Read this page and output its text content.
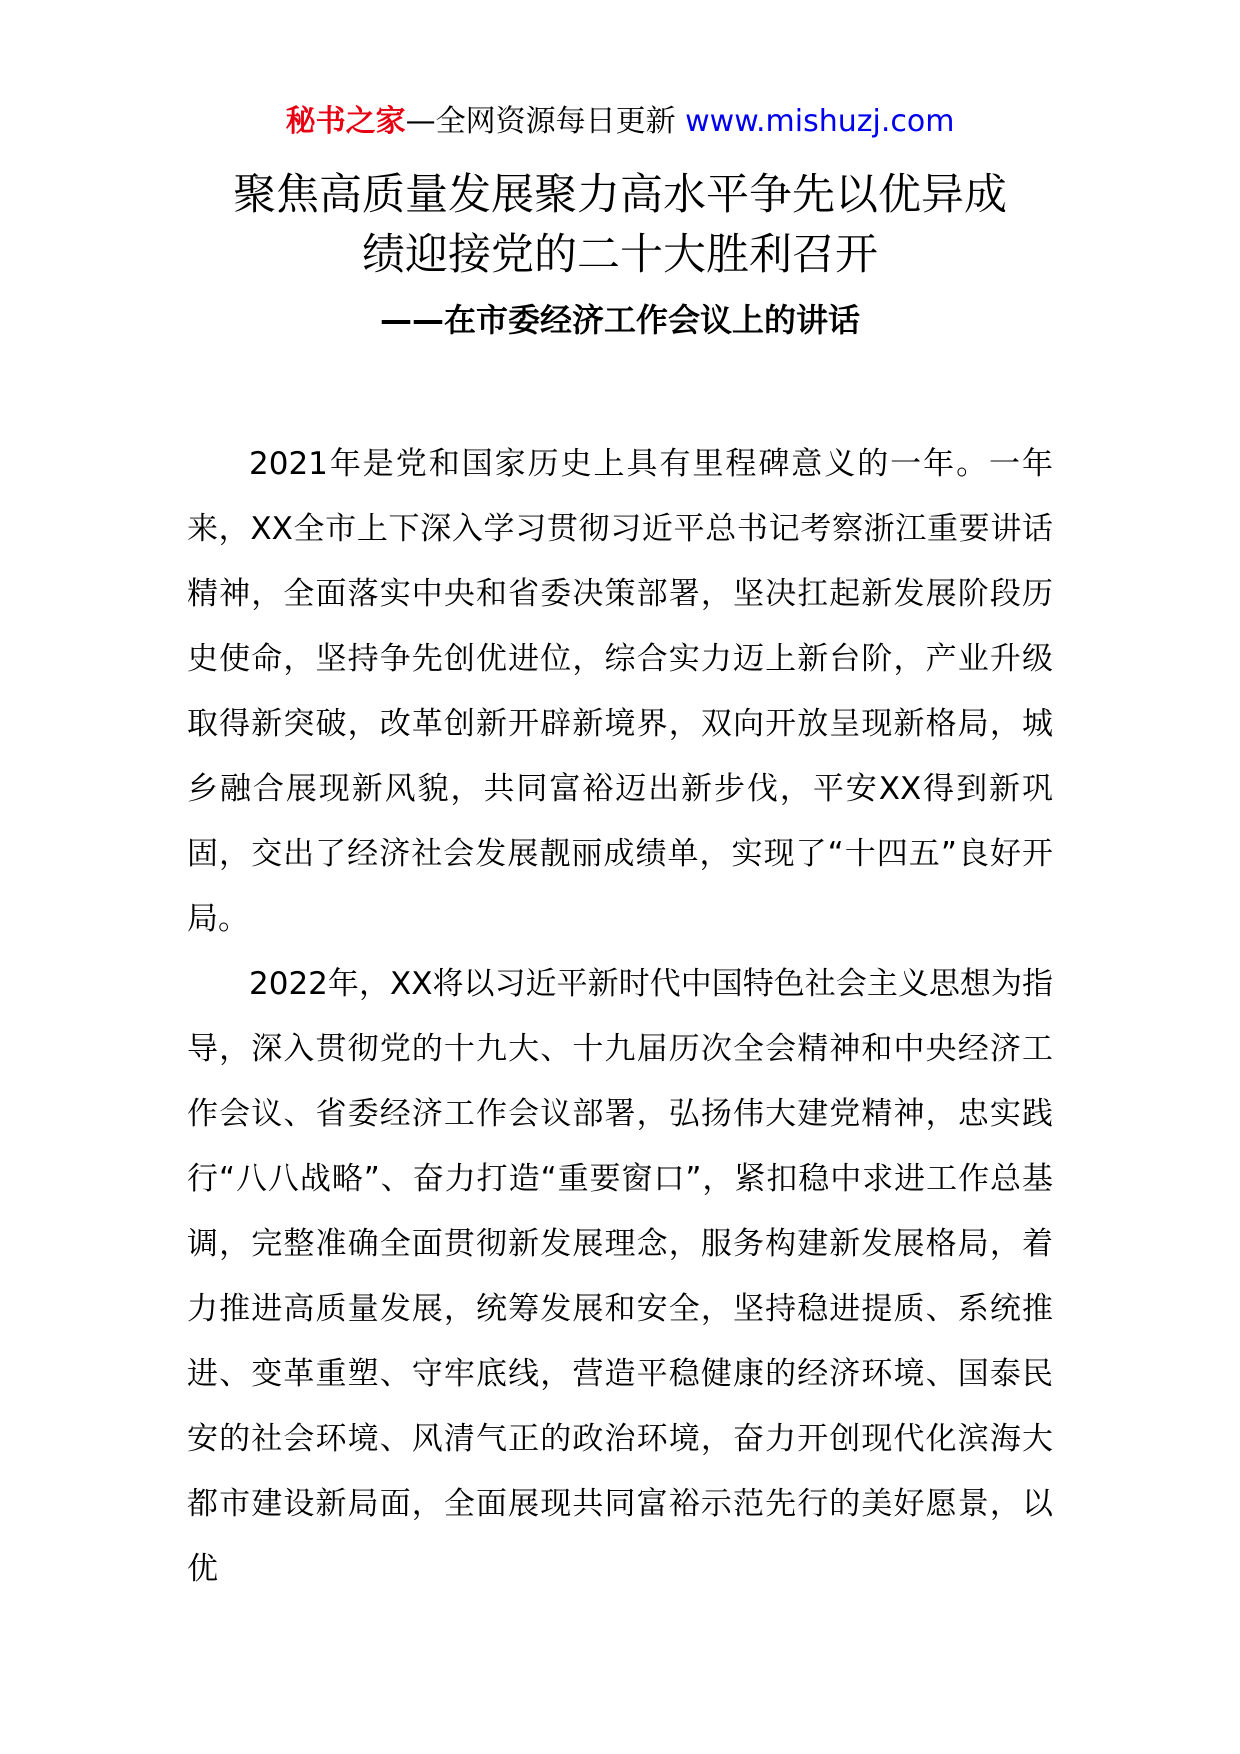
秘书之家—全网资源每日更新 www.mishuzj.com
聚焦高质量发展聚力高水平争先以优异成
绩迎接党的二十大胜利召开
——在市委经济工作会议上的讲话

2021年是党和国家历史上具有里程碑意义的一年。一年来，XX全市上下深入学习贯彻习近平总书记考察浙江重要讲话精神，全面落实中央和省委决策部署，坚决扛起新发展阶段历史使命，坚持争先创优进位，综合实力迈上新台阶，产业升级取得新突破，改革创新开辟新境界，双向开放呈现新格局，城乡融合展现新风貌，共同富裕迈出新步伐，平安XX得到新巩固，交出了经济社会发展靓丽成绩单，实现了“十四五”良好开局。

2022年，XX将以习近平新时代中国特色社会主义思想为指导，深入贯彻党的十九大、十九届历次全会精神和中央经济工作会议、省委经济工作会议部署，弘扬伟大建党精神，忠实践行“八八战略”、奋力打造“重要窗口”，紧扣稳中求进工作总基调，完整准确全面贯彻新发展理念，服务构建新发展格局，着力推进高质量发展，统筹发展和安全，坚持稳进提质、系统推进、变革重塑、守牢底线，营造平稳健康的经济环境、国泰民安的社会环境、风清气正的政治环境，奋力开创现代化滨海大都市建设新局面，全面展现共同富裕示范先行的美好愿景，以优
